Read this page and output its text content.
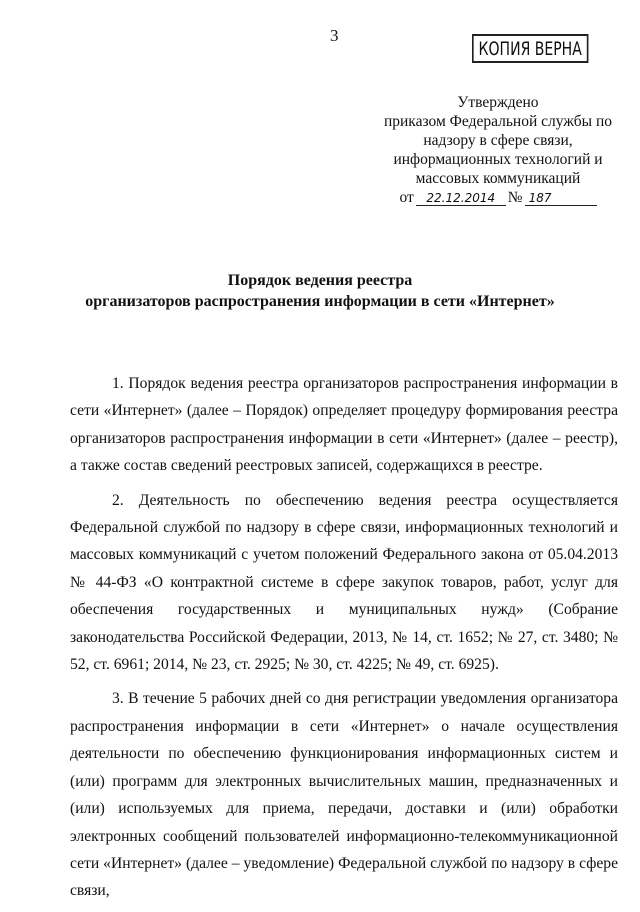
3
КОПИЯ ВЕРНА
Утверждено
приказом Федеральной службы по
надзору в сфере связи,
информационных технологий и
массовых коммуникаций
от	22.12.2014 № 187
Порядок ведения реестра
организаторов распространения информации в сети «Интернет»

1. Порядок ведения реестра организаторов распространения информации в сети «Интернет» (далее – Порядок) определяет процедуру формирования реестра организаторов распространения информации в сети «Интернет» (далее – реестр), а также состав сведений реестровых записей, содержащихся в реестре.

2. Деятельность по обеспечению ведения реестра осуществляется Федеральной службой по надзору в сфере связи, информационных технологий и массовых коммуникаций с учетом положений Федерального закона от 05.04.2013 № 44-ФЗ «О контрактной системе в сфере закупок товаров, работ, услуг для обеспечения государственных и муниципальных нужд» (Собрание законодательства Российской Федерации, 2013, № 14, ст. 1652; № 27, ст. 3480; № 52, ст. 6961; 2014, № 23, ст. 2925; № 30, ст. 4225; № 49, ст. 6925).

3. В течение 5 рабочих дней со дня регистрации уведомления организатора распространения информации в сети «Интернет» о начале осуществления деятельности по обеспечению функционирования информационных систем и (или) программ для электронных вычислительных машин, предназначенных и (или) используемых для приема, передачи, доставки и (или) обработки электронных сообщений пользователей информационно-телекоммуникационной сети «Интернет» (далее – уведомление) Федеральной службой по надзору в сфере связи,
